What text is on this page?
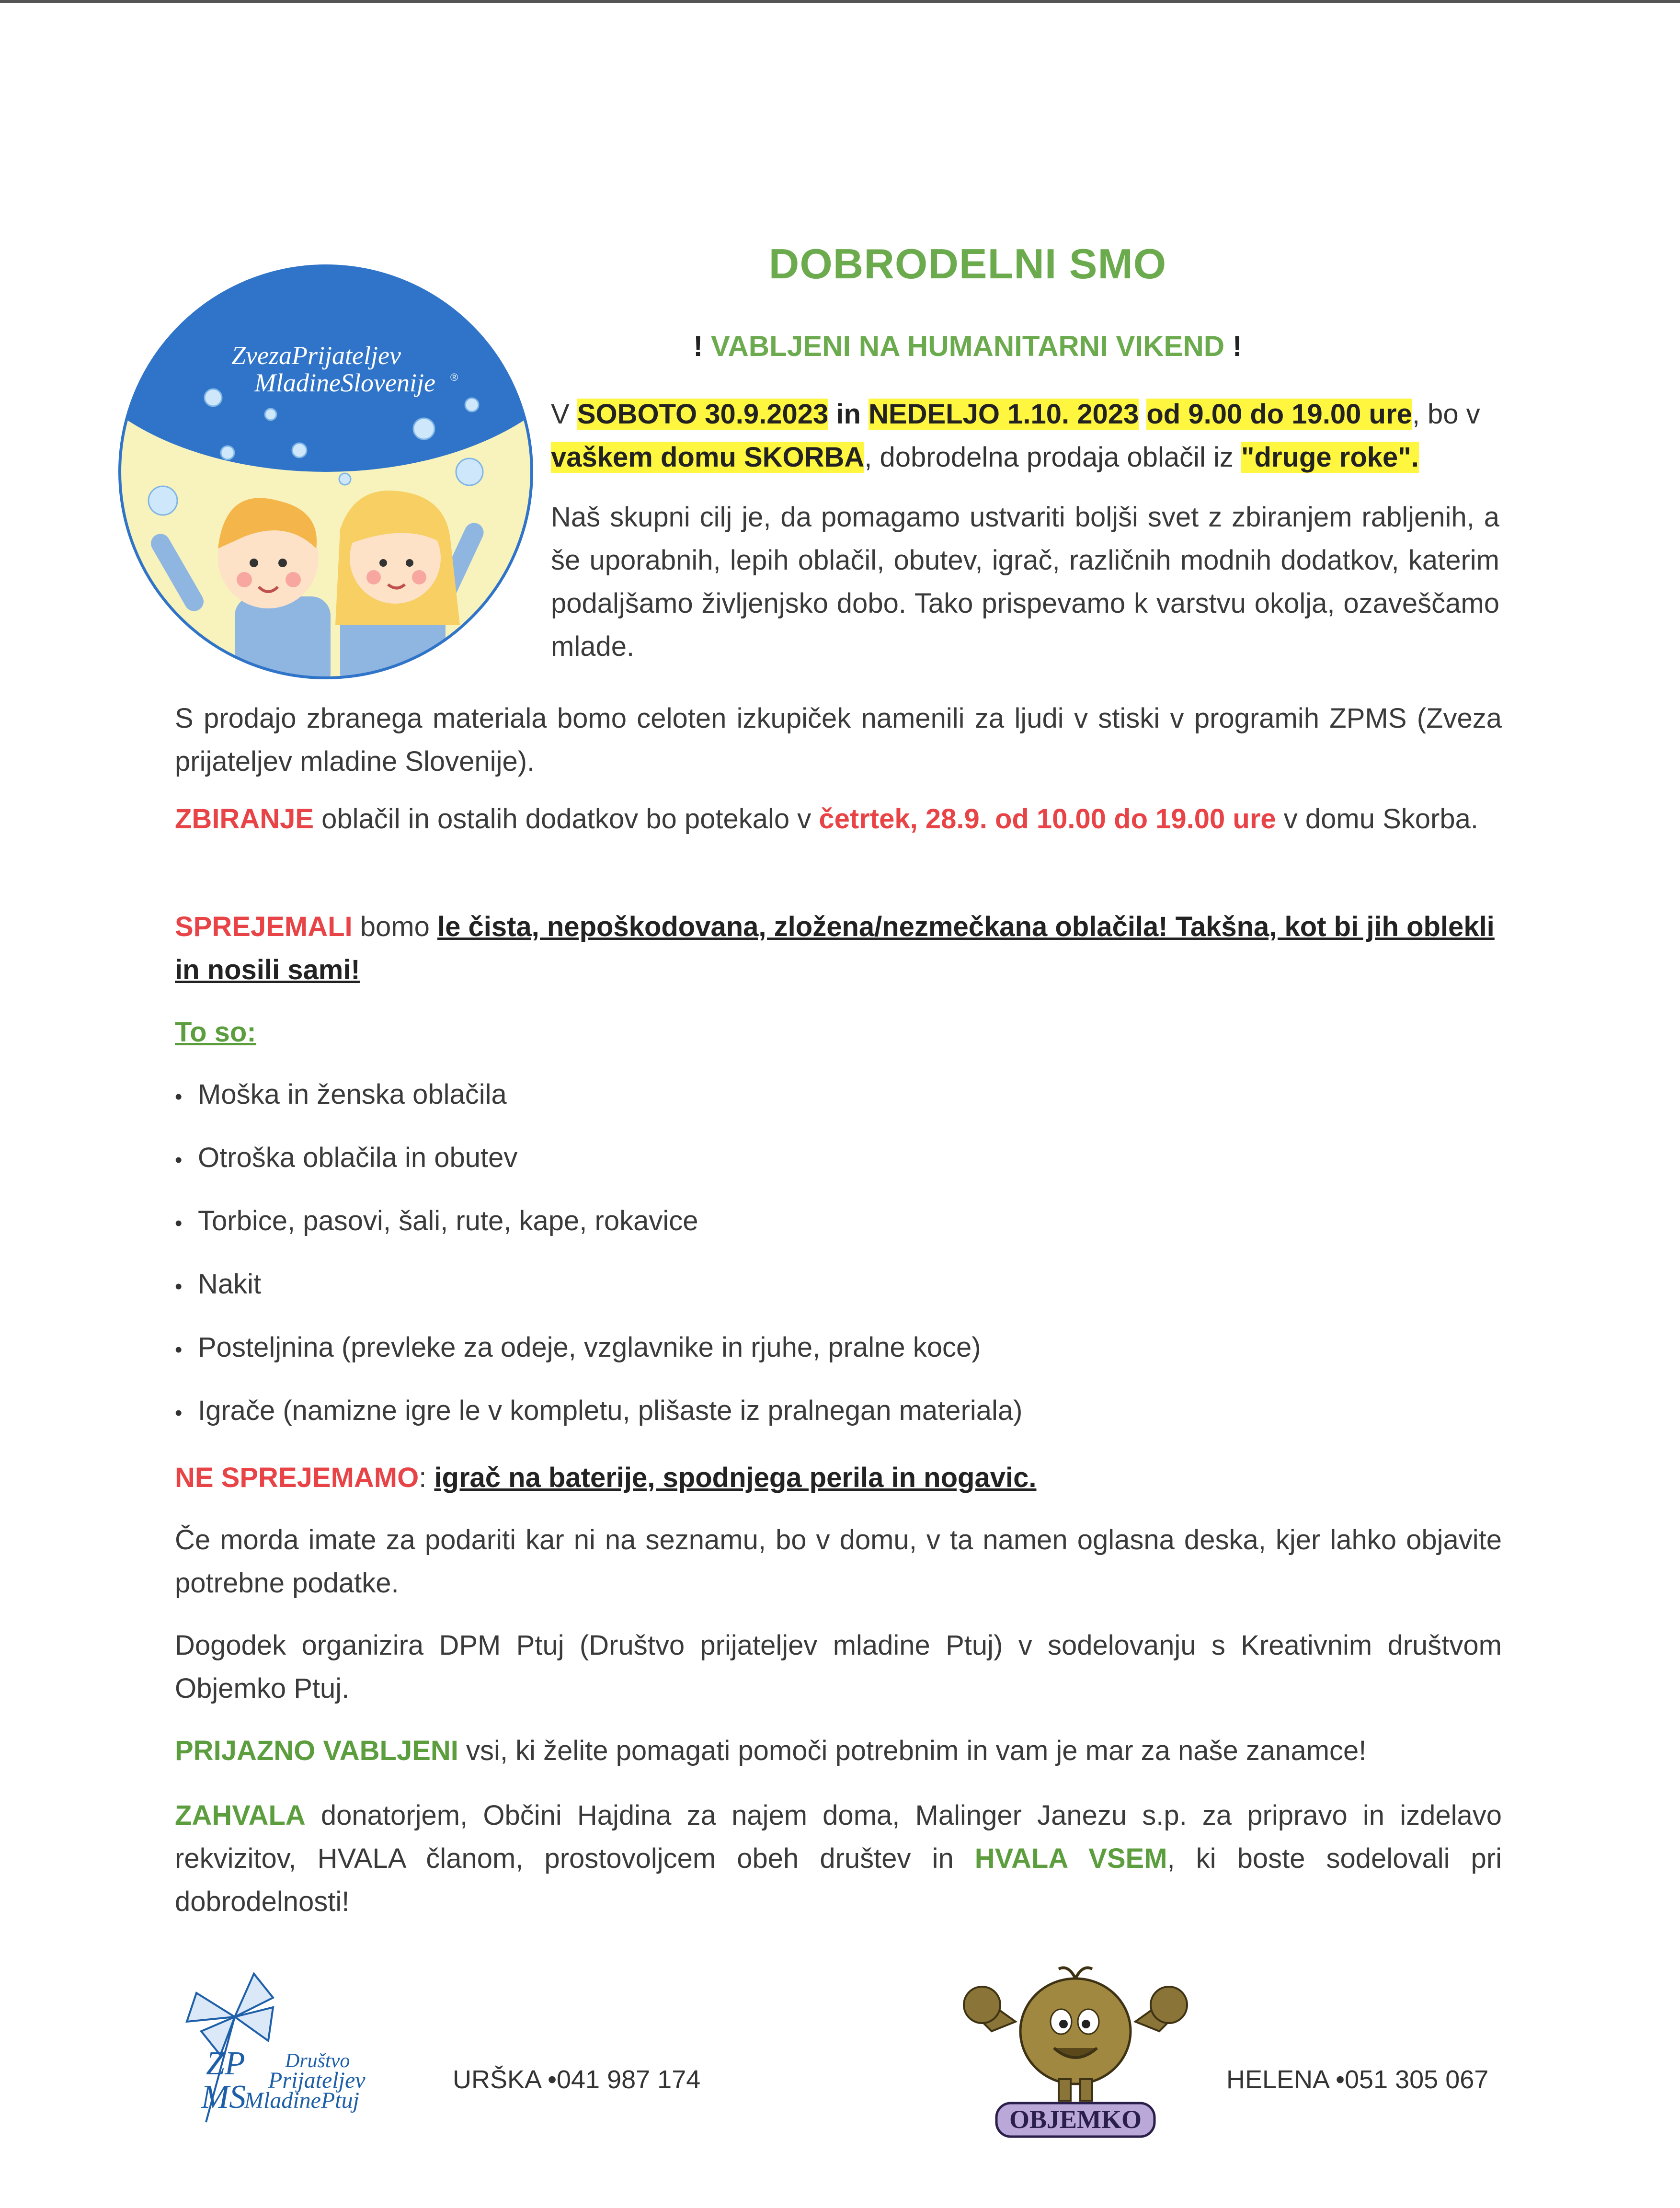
ZvezaPrijateljev
MladineSlovenije ®
DOBRODELNI SMO
! VABLJENI NA HUMANITARNI VIKEND !

V SOBOTO 30.9.2023 in NEDELJO 1.10. 2023 od 9.00 do 19.00 ure, bo v vaškem domu SKORBA, dobrodelna prodaja oblačil iz "druge roke".

Naš skupni cilj je, da pomagamo ustvariti boljši svet z zbiranjem rabljenih, a še uporabnih, lepih oblačil, obutev, igrač, različnih modnih dodatkov, katerim podaljšamo življenjsko dobo. Tako prispevamo k varstvu okolja, ozaveščamo mlade.

S prodajo zbranega materiala bomo celoten izkupiček namenili za ljudi v stiski v programih ZPMS (Zveza prijateljev mladine Slovenije).

ZBIRANJE oblačil in ostalih dodatkov bo potekalo v četrtek, 28.9. od 10.00 do 19.00 ure v domu Skorba.

SPREJEMALI bomo le čista, nepoškodovana, zložena/nezmečkana oblačila! Takšna, kot bi jih oblekli in nosili sami!

To so:

• Moška in ženska oblačila
• Otroška oblačila in obutev
• Torbice, pasovi, šali, rute, kape, rokavice
• Nakit
• Posteljnina (prevleke za odeje, vzglavnike in rjuhe, pralne koce)
• Igrače (namizne igre le v kompletu, plišaste iz pralnegan materiala)

NE SPREJEMAMO: igrač na baterije, spodnjega perila in nogavic.

Če morda imate za podariti kar ni na seznamu, bo v domu, v ta namen oglasna deska, kjer lahko objavite potrebne podatke.

Dogodek organizira DPM Ptuj (Društvo prijateljev mladine Ptuj) v sodelovanju s Kreativnim društvom Objemko Ptuj.

PRIJAZNO VABLJENI vsi, ki želite pomagati pomoči potrebnim in vam je mar za naše zanamce!

ZAHVALA donatorjem, Občini Hajdina za najem doma, Malinger Janezu s.p. za pripravo in izdelavo rekvizitov, HVALA članom, prostovoljcem obeh društev in HVALA VSEM, ki boste sodelovali pri dobrodelnosti!

ZP
MS
Društvo
Prijateljev
MladinePtuj
URŠKA •041 987 174
OBJEMKO
HELENA •051 305 067
